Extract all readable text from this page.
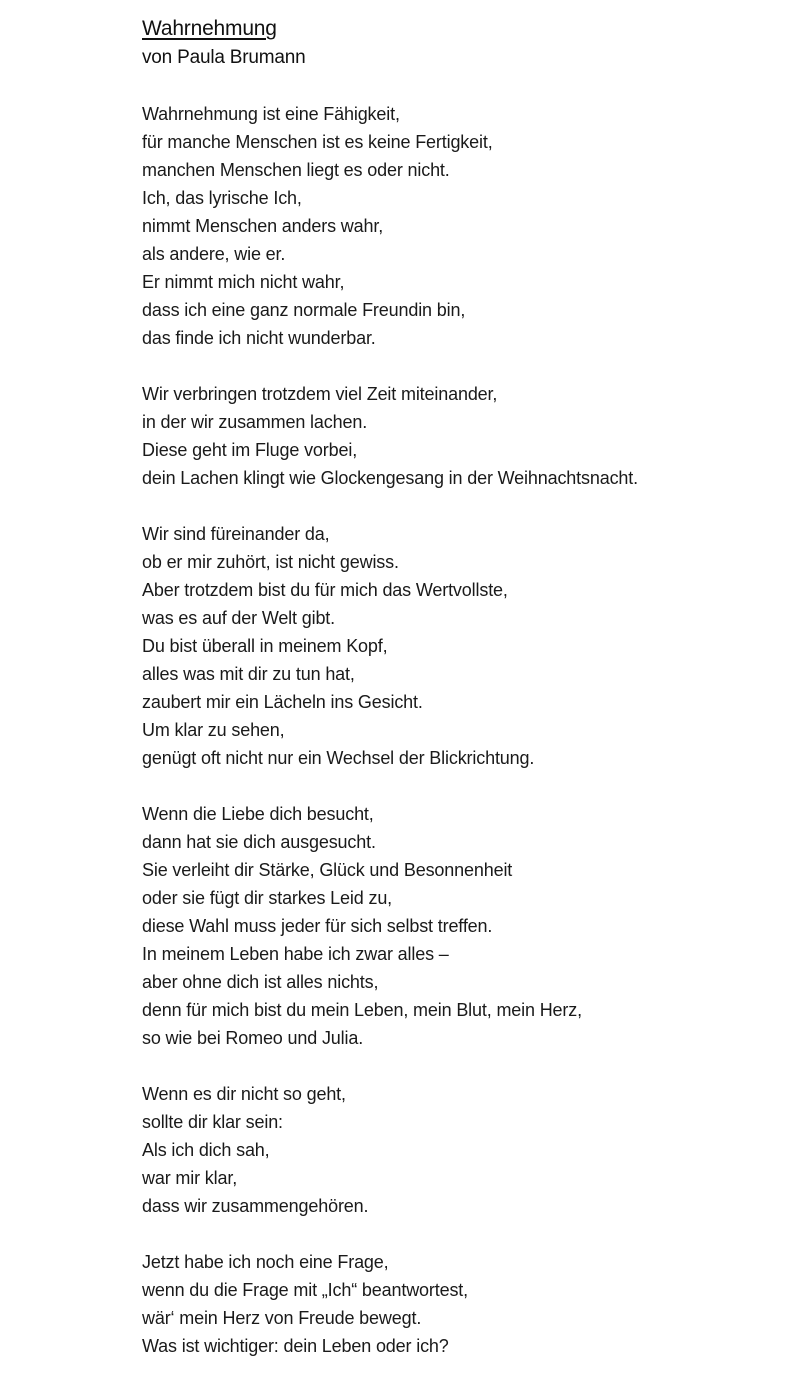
Wahrnehmung
von Paula Brumann
Wahrnehmung ist eine Fähigkeit,
für manche Menschen ist es keine Fertigkeit,
manchen Menschen liegt es oder nicht.
Ich, das lyrische Ich,
nimmt Menschen anders wahr,
als andere, wie er.
Er nimmt mich nicht wahr,
dass ich eine ganz normale Freundin bin,
das finde ich nicht wunderbar.
Wir verbringen trotzdem viel Zeit miteinander,
in der wir zusammen lachen.
Diese geht im Fluge vorbei,
dein Lachen klingt wie Glockengesang in der Weihnachtsnacht.
Wir sind füreinander da,
ob er mir zuhört, ist nicht gewiss.
Aber trotzdem bist du für mich das Wertvollste,
was es auf der Welt gibt.
Du bist überall in meinem Kopf,
alles was mit dir zu tun hat,
zaubert mir ein Lächeln ins Gesicht.
Um klar zu sehen,
genügt oft nicht nur ein Wechsel der Blickrichtung.
Wenn die Liebe dich besucht,
dann hat sie dich ausgesucht.
Sie verleiht dir Stärke, Glück und Besonnenheit
oder sie fügt dir starkes Leid zu,
diese Wahl muss jeder für sich selbst treffen.
In meinem Leben habe ich zwar alles –
aber ohne dich ist alles nichts,
denn für mich bist du mein Leben, mein Blut, mein Herz,
so wie bei Romeo und Julia.
Wenn es dir nicht so geht,
sollte dir klar sein:
Als ich dich sah,
war mir klar,
dass wir zusammengehören.
Jetzt habe ich noch eine Frage,
wenn du die Frage mit „Ich“ beantwortest,
wär‘ mein Herz von Freude bewegt.
Was ist wichtiger: dein Leben oder ich?
